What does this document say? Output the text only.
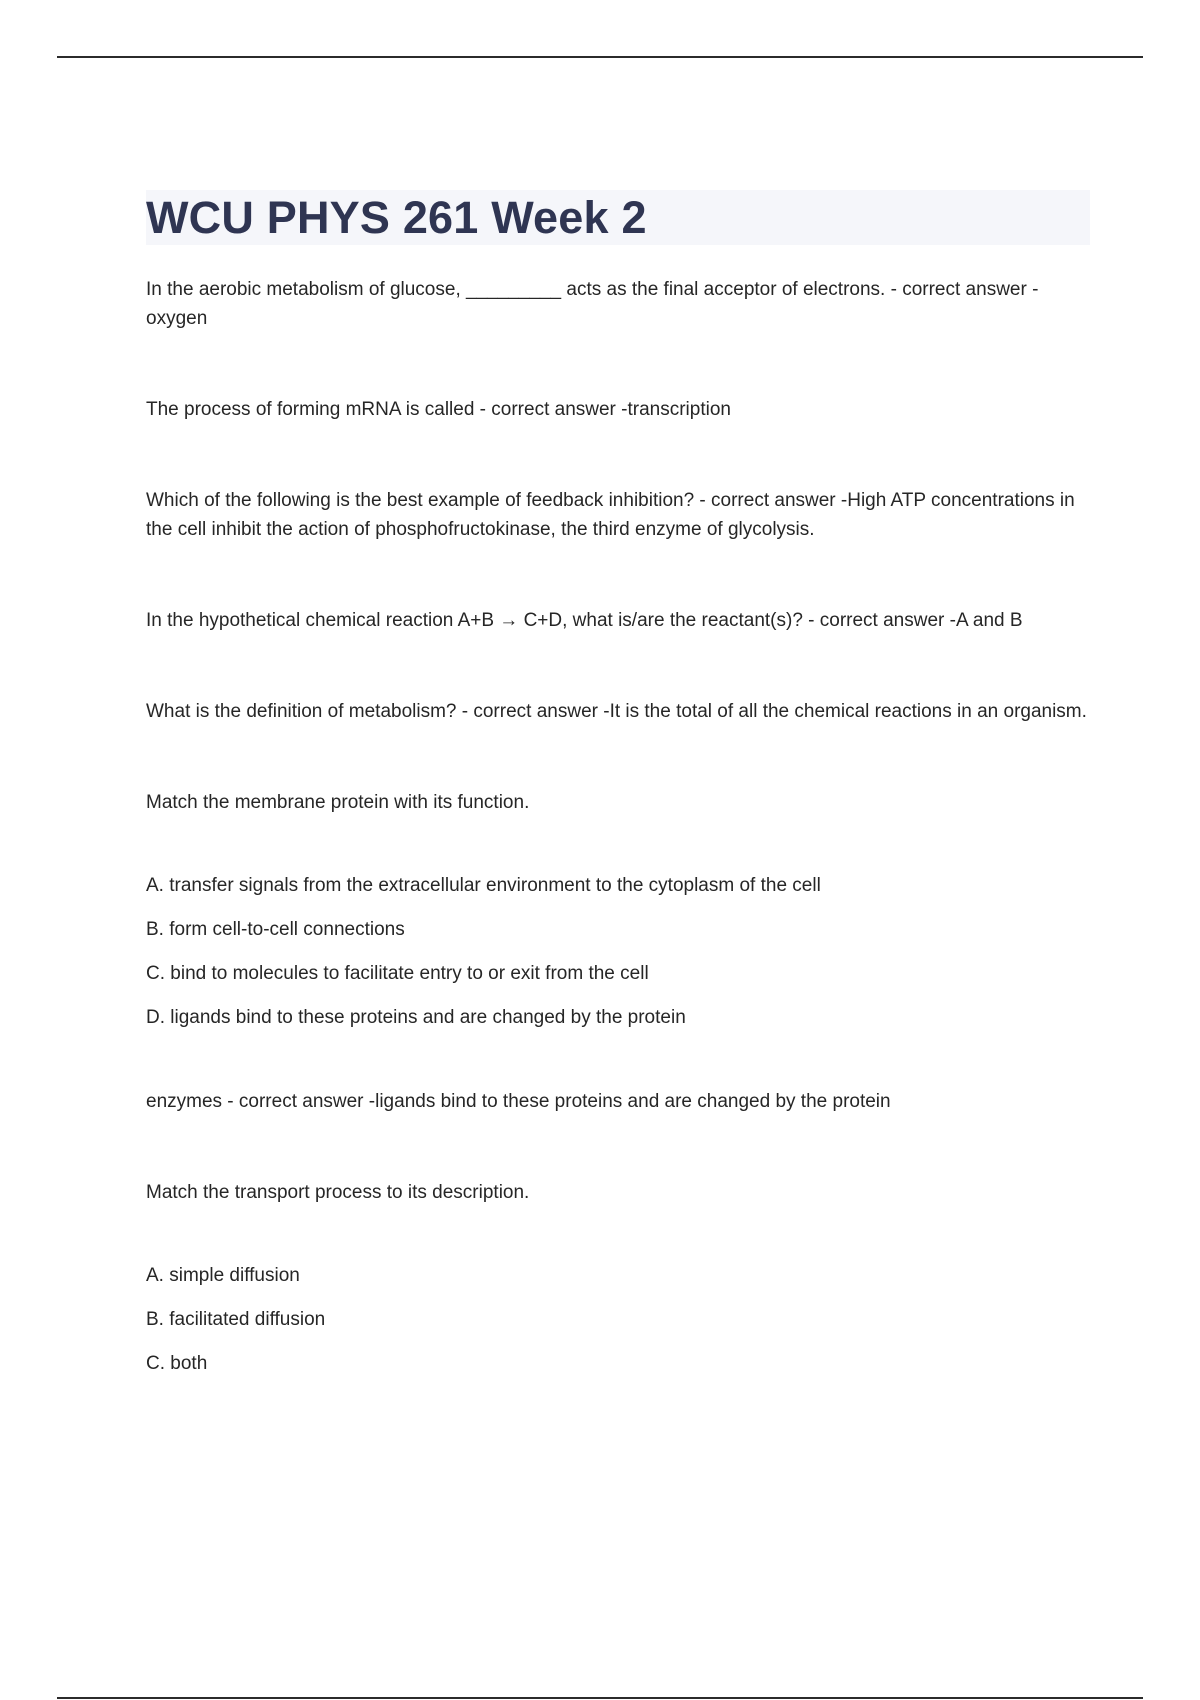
WCU PHYS 261 Week 2

In the aerobic metabolism of glucose, _________ acts as the final acceptor of electrons. - correct answer -oxygen

The process of forming mRNA is called - correct answer -transcription

Which of the following is the best example of feedback inhibition? - correct answer -High ATP concentrations in the cell inhibit the action of phosphofructokinase, the third enzyme of glycolysis.

In the hypothetical chemical reaction A+B → C+D, what is/are the reactant(s)? - correct answer -A and B

What is the definition of metabolism? - correct answer -It is the total of all the chemical reactions in an organism.

Match the membrane protein with its function.

A. transfer signals from the extracellular environment to the cytoplasm of the cell

B. form cell-to-cell connections

C. bind to molecules to facilitate entry to or exit from the cell

D. ligands bind to these proteins and are changed by the protein

enzymes - correct answer -ligands bind to these proteins and are changed by the protein

Match the transport process to its description.

A. simple diffusion

B. facilitated diffusion

C. both
